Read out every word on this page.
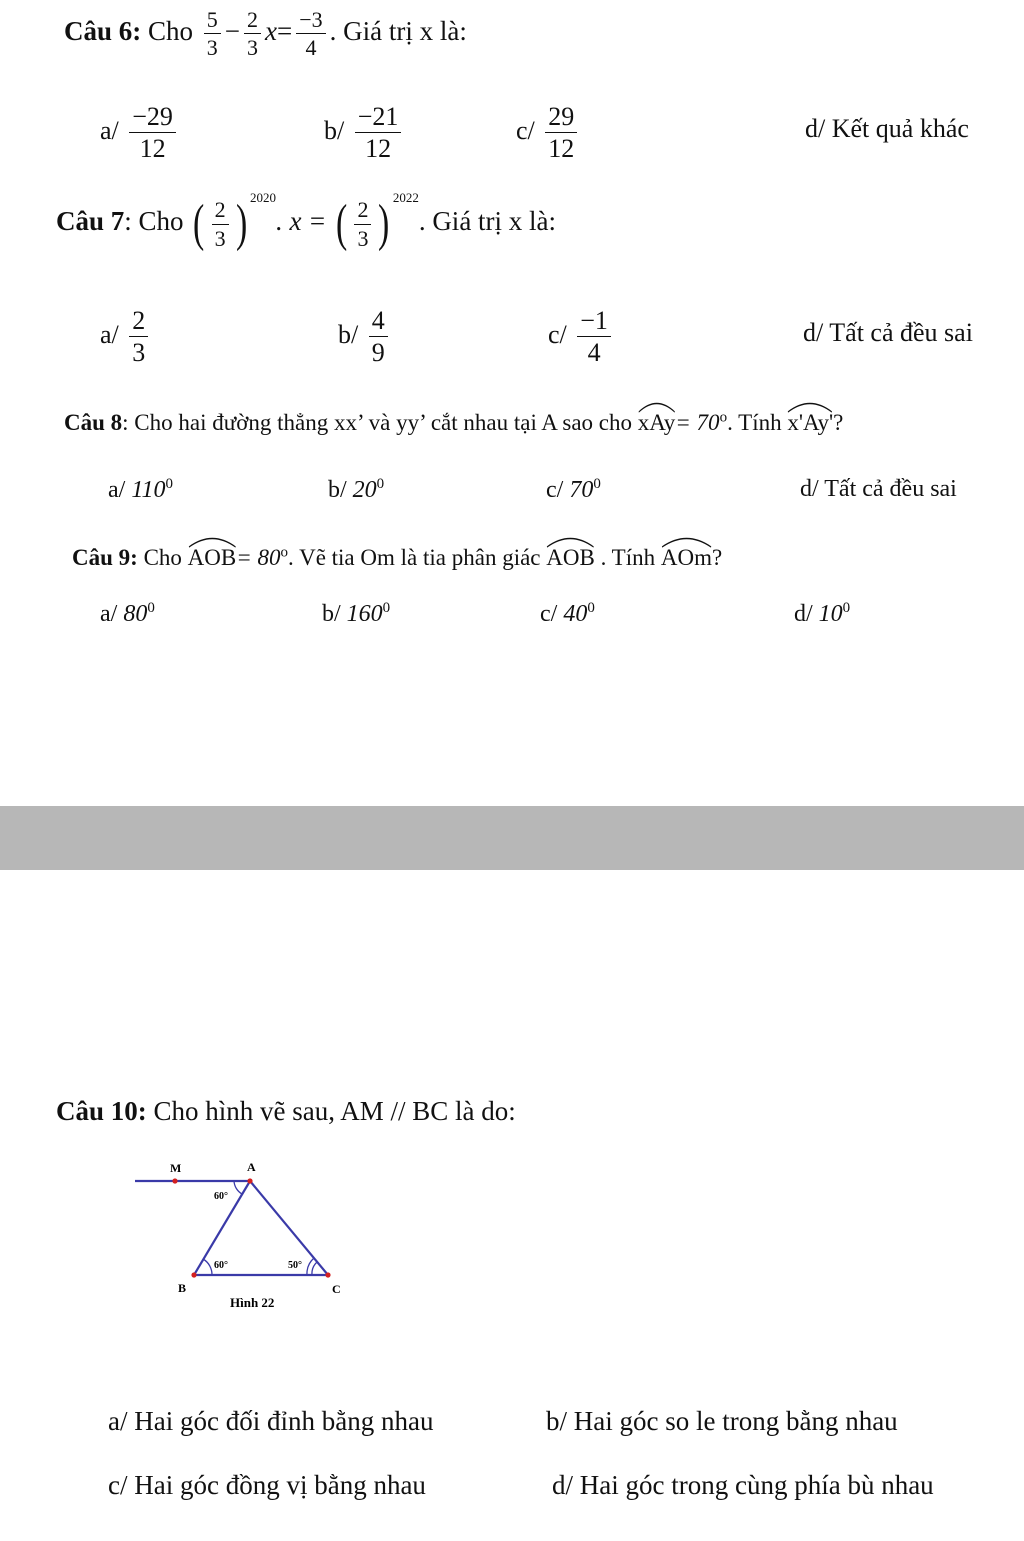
Câu 6: Cho $\frac{5}{3} - \frac{2}{3} x= \frac{-3}{4}$ . Giá trị x là:
$a/ \frac{-29}{12}$	$b/ \frac{-21}{12}$	$c/ \frac{29}{12}$	d/ Kết quả khác
Câu 7: Cho ( $\frac{2}{3}$ ) $^{2020}$. x = ( $\frac{2}{3}$ ) $^{2022}$. Giá trị x là:
$a/ \frac{2}{3}$	$b/ \frac{4}{9}$	$c/ \frac{-1}{4}$	d/ Tất cả đều sai
Câu 8: Cho hai đường thẳng xx’ và yy’ cắt nhau tại A sao cho $xAy= 70^o$. Tính x'Ay'?
a/ $110^0$	b/ $20^0$	c/ $70^0$	d/ Tất cả đều sai
Câu 9: Cho $AOB= 80^o$. Vẽ tia Om là tia phân giác AOB . Tính AOm?
a/ $80^0$	b/ $160^0$	c/ $40^0$	d/ $10^0$
Câu 10: Cho hình vẽ sau, AM // BC là do:
M	A
B	C
60°
60°	50°
Hình 22
a/ Hai góc đối đỉnh bằng nhau	b/ Hai góc so le trong bằng nhau
c/ Hai góc đồng vị bằng nhau	d/ Hai góc trong cùng phía bù nhau
